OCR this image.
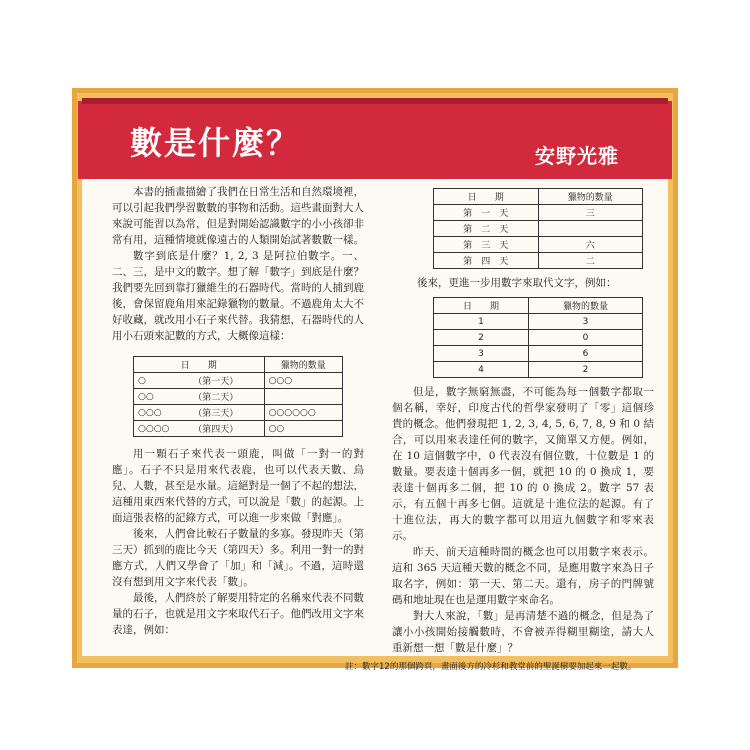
數是什麼？	安野光雅

本書的插畫描繪了我們在日常生活和自然環境裡，可以引起我們學習數數的事物和活動。這些畫面對大人來說可能習以為常，但是對開始認識數字的小小孩卻非常有用，這種情境就像遠古的人類開始試著數數一樣。

數字到底是什麼？1, 2, 3 是阿拉伯數字。一、二、三，是中文的數字。想了解「數字」到底是什麼？我們要先回到靠打獵維生的石器時代。當時的人捕到鹿後，會保留鹿角用來記錄獵物的數量。不過鹿角太大不好收藏，就改用小石子來代替。我猜想，石器時代的人用小石頭來記數的方式，大概像這樣：

日　　期		獵物的數量
○	（第一天）	○○○
○○	（第二天）	
○○○	（第三天）	○○○○○○
○○○○	（第四天）	○○

用一顆石子來代表一頭鹿，叫做「一對一的對應」。石子不只是用來代表鹿，也可以代表天數、鳥兒、人數，甚至是水量。這絕對是一個了不起的想法，這種用東西來代替的方式，可以說是「數」的起源。上面這張表格的記錄方式，可以進一步來做「對應」。

後來，人們會比較石子數量的多寡。發現昨天（第三天）抓到的鹿比今天（第四天）多。利用一對一的對應方式，人們又學會了「加」和「減」。不過，這時還沒有想到用文字來代表「數」。

最後，人們終於了解要用特定的名稱來代表不同數量的石子，也就是用文字來取代石子。他們改用文字來表達，例如：

日　　期	獵物的數量
第　一　天	三
第　二　天	
第　三　天	六
第　四　天	二
後來，更進一步用數字來取代文字，例如：
日　　期	獵物的數量
1	3
2	0
3	6
4	2

但是，數字無窮無盡，不可能為每一個數字都取一個名稱，幸好，印度古代的哲學家發明了「零」這個珍貴的概念。他們發現把 1, 2, 3, 4, 5, 6, 7, 8, 9 和 0 結合，可以用來表達任何的數字，又簡單又方便。例如，在 10 這個數字中，0 代表沒有個位數，十位數是 1 的數量。要表達十個再多一個，就把 10 的 0 換成 1，要表達十個再多二個，把 10 的 0 換成 2。數字 57 表示，有五個十再多七個。這就是十進位法的起源。有了十進位法，再大的數字都可以用這九個數字和零來表示。

昨天、前天這種時間的概念也可以用數字來表示。這和 365 天這種天數的概念不同，是應用數字來為日子取名字，例如：第一天、第二天。還有，房子的門牌號碼和地址現在也是運用數字來命名。

對大人來說，「數」是再清楚不過的概念，但是為了讓小小孩開始接觸數時，不會被弄得糊里糊塗，請大人重新想一想「數是什麼」？

註：數字12的那個跨頁，畫面後方的冷杉和教堂前的聖誕樹要加起來一起數。
